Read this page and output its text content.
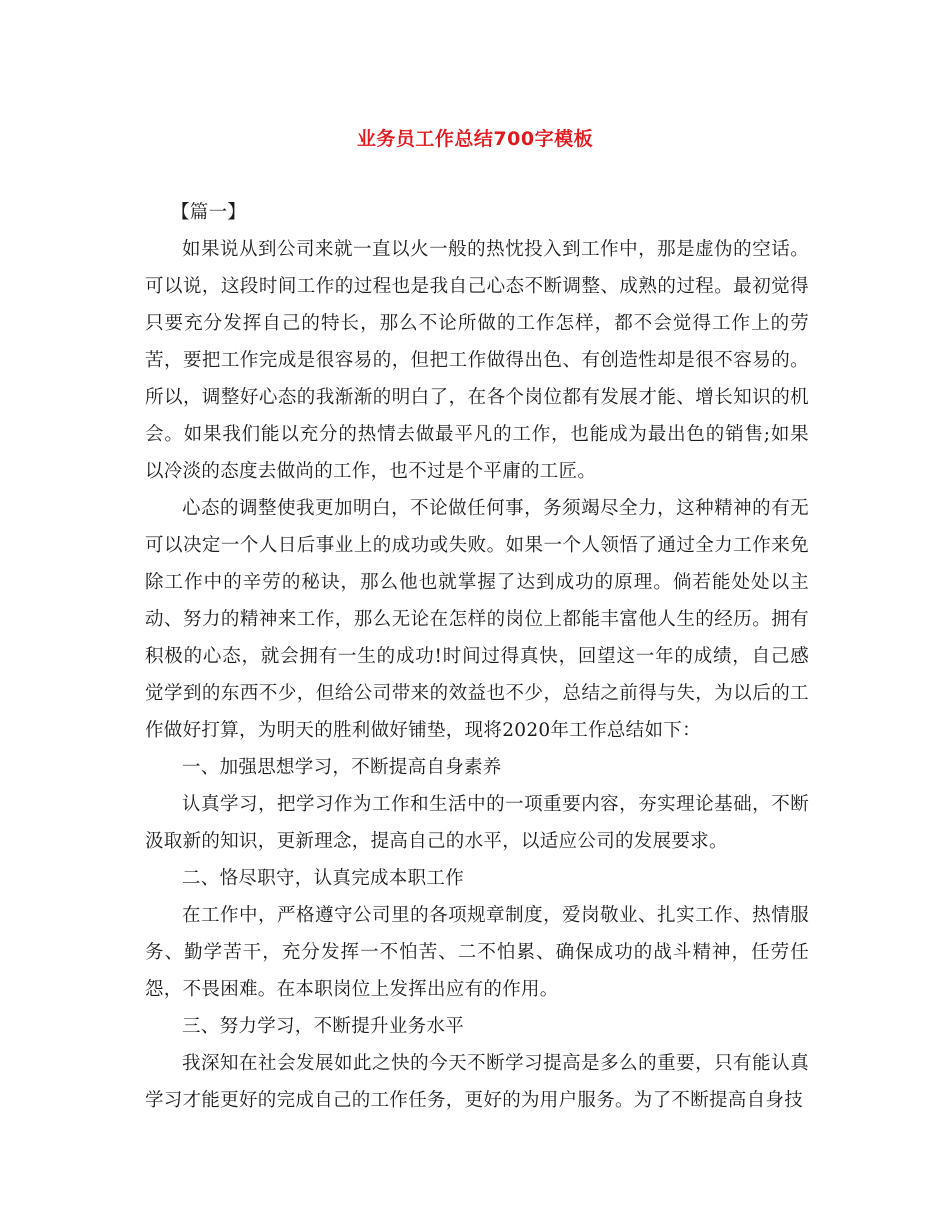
业务员工作总结700字模板

【篇一】

如果说从到公司来就一直以火一般的热忱投入到工作中，那是虚伪的空话。可以说，这段时间工作的过程也是我自己心态不断调整、成熟的过程。最初觉得只要充分发挥自己的特长，那么不论所做的工作怎样，都不会觉得工作上的劳苦，要把工作完成是很容易的，但把工作做得出色、有创造性却是很不容易的。所以，调整好心态的我渐渐的明白了，在各个岗位都有发展才能、增长知识的机会。如果我们能以充分的热情去做最平凡的工作，也能成为最出色的销售;如果以冷淡的态度去做尚的工作，也不过是个平庸的工匠。

心态的调整使我更加明白，不论做任何事，务须竭尽全力，这种精神的有无可以决定一个人日后事业上的成功或失败。如果一个人领悟了通过全力工作来免除工作中的辛劳的秘诀，那么他也就掌握了达到成功的原理。倘若能处处以主动、努力的精神来工作，那么无论在怎样的岗位上都能丰富他人生的经历。拥有积极的心态，就会拥有一生的成功!时间过得真快，回望这一年的成绩，自己感觉学到的东西不少，但给公司带来的效益也不少，总结之前得与失，为以后的工作做好打算，为明天的胜利做好铺垫，现将2020年工作总结如下：

一、加强思想学习，不断提高自身素养

认真学习，把学习作为工作和生活中的一项重要内容，夯实理论基础，不断汲取新的知识，更新理念，提高自己的水平，以适应公司的发展要求。

二、恪尽职守，认真完成本职工作

在工作中，严格遵守公司里的各项规章制度，爱岗敬业、扎实工作、热情服务、勤学苦干，充分发挥一不怕苦、二不怕累、确保成功的战斗精神，任劳任怨，不畏困难。在本职岗位上发挥出应有的作用。

三、努力学习，不断提升业务水平

我深知在社会发展如此之快的今天不断学习提高是多么的重要，只有能认真学习才能更好的完成自己的工作任务，更好的为用户服务。为了不断提高自身技
